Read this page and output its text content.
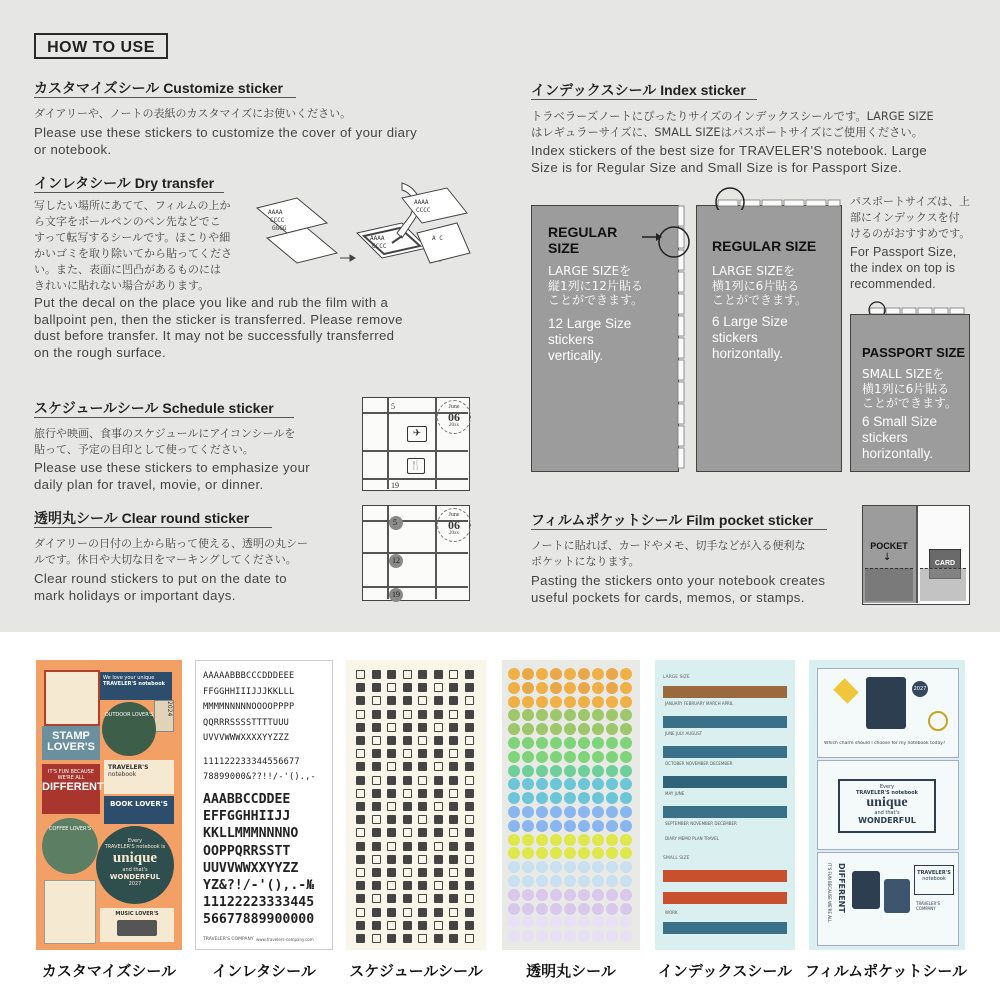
HOW TO USE
カスタマイズシール Customize sticker
ダイアリーや、ノートの表紙のカスタマイズにお使いください。
Please use these stickers to customize the cover of your diary
or notebook.
インレタシール Dry transfer
写したい場所にあてて、フィルムの上か
ら文字をボールペンのペン先などでこ
すって転写するシールです。ほこりや細
かいゴミを取り除いてから貼ってくださ
い。また、表面に凹凸があるものには
きれいに貼れない場合があります。
AAAA
CCCC
GGGG
AAAA
CCCC
AAAA
CCCC
A C
Put the decal on the place you like and rub the film with a
ballpoint pen, then the sticker is transferred. Please remove
dust before transfer. It may not be successfully transferred
on the rough surface.
スケジュールシール Schedule sticker
旅行や映画、食事のスケジュールにアイコンシールを
貼って、予定の目印として使ってください。
Please use these stickers to emphasize your
daily plan for travel, movie, or dinner.
5
19
June
06
20xx
✈
🍴
透明丸シール Clear round sticker
ダイアリーの日付の上から貼って使える、透明の丸シー
ルです。休日や大切な日をマーキングしてください。
Clear round stickers to put on the date to
mark holidays or important days.
5
12
19
June
06
20xx
インデックスシール Index sticker
トラベラーズノートにぴったりサイズのインデックスシールです。LARGE SIZE
はレギュラーサイズに、SMALL SIZEはパスポートサイズにご使用ください。
Index stickers of the best size for TRAVELER'S notebook. Large
Size is for Regular Size and Small Size is for Passport Size.
REGULAR
SIZE
LARGE SIZEを
縦1列に12片貼る
ことができます。
12 Large Size
stickers
vertically.
REGULAR SIZE
LARGE SIZEを
横1列に6片貼る
ことができます。
6 Large Size
stickers
horizontally.
パスポートサイズは、上
部にインデックスを付
けるのがおすすめです。
For Passport Size,
the index on top is
recommended.
PASSPORT SIZE
SMALL SIZEを
横1列に6片貼る
ことができます。
6 Small Size
stickers
horizontally.
フィルムポケットシール Film pocket sticker
ノートに貼れば、カードやメモ、切手などが入る便利な
ポケットになります。
Pasting the stickers onto your notebook creates
useful pockets for cards, memos, or stamps.
POCKET
↓
CARD
We love your unique
TRAVELER'S notebook
2024
STAMP
LOVER'S
OUTDOOR LOVER'S
IT'S FUN BECAUSE
WE'RE ALL
DIFFERENT
TRAVELER'S
notebook
BOOK LOVER'S
COFFEE LOVER'S
Every
TRAVELER'S notebook is
unique
and that's
WONDERFUL
2027
MUSIC LOVER'S
AAAAABBBCCCDDDEEE
FFGGHHIIIJJJKKLLL
MMMMNNNNNOOOOPPPP
QQRRRSSSSTTTTUUU
UVVVWWWXXXXYYZZZ
111122233344556677
78899000&??!!/-'().,-
AAABBCCDDEE
EFFGGHHIIJJ
KKLLMMMNNNNO
OOPPQRRSSTT
UUVVWWXXYYZZ
YZ&?!/-'(),.-№
11122223333445
56677889900000
TRAVELER'S COMPANY www.travelers-company.com
LARGE SIZE
JANUARY FEBRUARY MARCH APRIL
JUNE JULY AUGUST
OCTOBER NOVEMBER DECEMBER
MAY JUNE
SEPTEMBER NOVEMBER DECEMBER
DIARY MEMO PLAN TRAVEL
SMALL SIZE
WORK
2027
Which charm should I choose for my notebook today?
Every
TRAVELER'S notebook
unique
and that's
WONDERFUL
IT'S FUN BECAUSE WE'RE ALL DIFFERENT	TRAVELER'S
notebook
TRAVELER'S COMPANY
カスタマイズシール	インレタシール	スケジュールシール	透明丸シール	インデックスシール フィルムポケットシール
